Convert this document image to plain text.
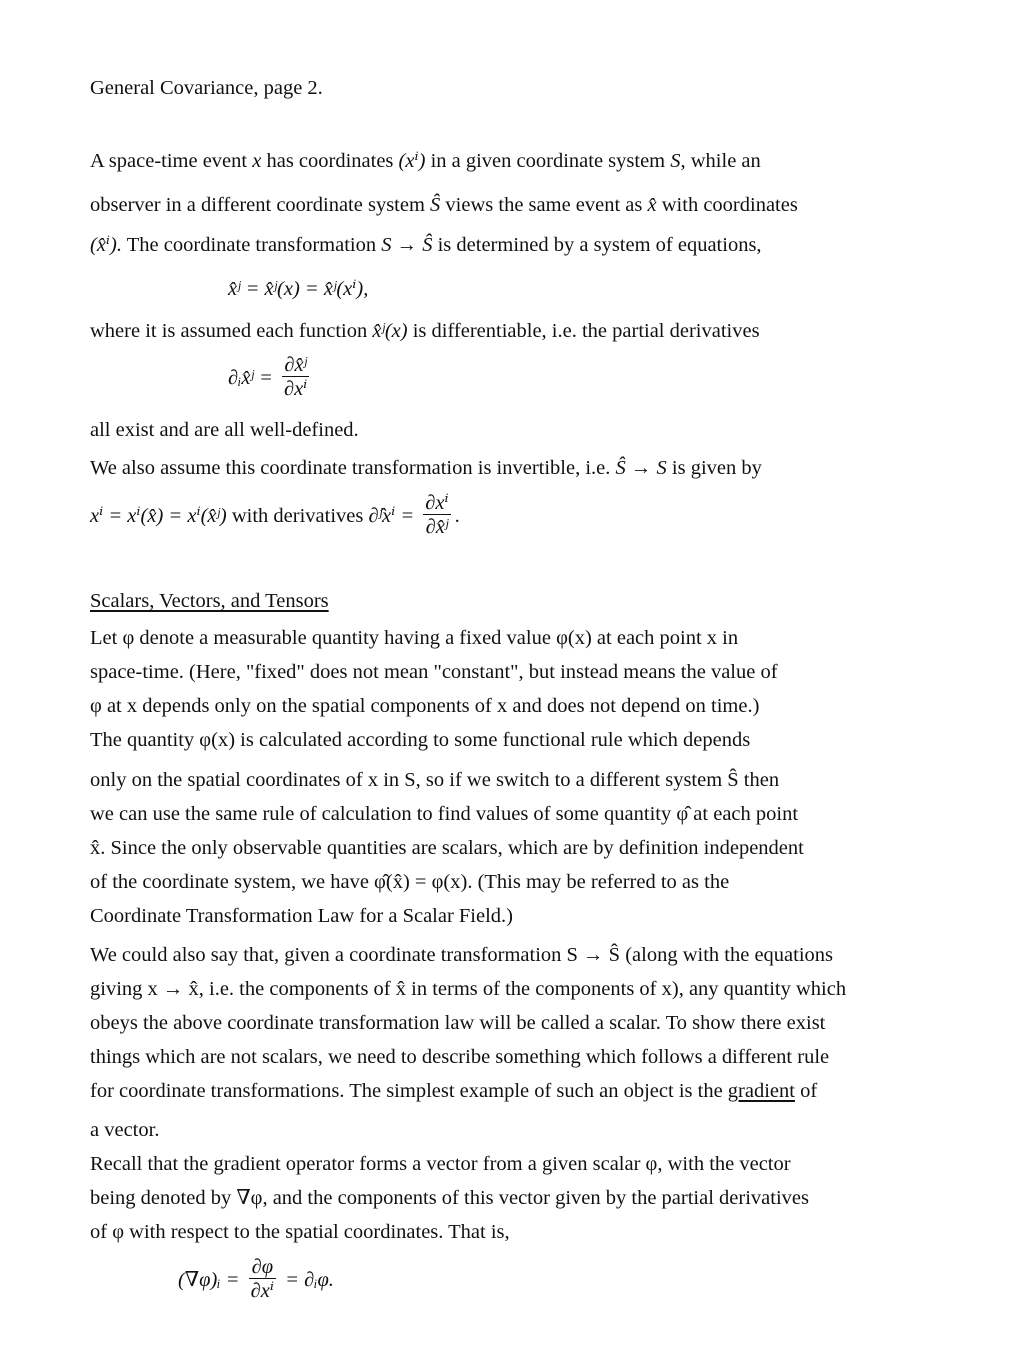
General Covariance, page 2.
A space-time event x has coordinates (xⁱ) in a given coordinate system S, while an
observer in a different coordinate system Ŝ views the same event as x̂ with coordinates
(x̂ⁱ). The coordinate transformation S → Ŝ is determined by a system of equations,
x̂ʲ = x̂ʲ(x) = x̂ʲ(xⁱ),
where it is assumed each function x̂ʲ(x) is differentiable, i.e. the partial derivatives
∂ᵢx̂ʲ = $\frac{\text{∂x̂ʲ}}{\text{∂xⁱ}}$
all exist and are all well-defined.
We also assume this coordinate transformation is invertible, i.e. Ŝ → S is given by
xⁱ = xⁱ(x̂) = xⁱ(x̂ʲ) with derivatives ∂̂ʲxⁱ = $\frac{\text{∂xⁱ}}{\text{∂x̂ʲ}}$ .
Scalars, Vectors, and Tensors
Let φ denote a measurable quantity having a fixed value φ(x) at each point x in
space-time. (Here, "fixed" does not mean "constant", but instead means the value of
φ at x depends only on the spatial components of x and does not depend on time.)
The quantity φ(x) is calculated according to some functional rule which depends
only on the spatial coordinates of x in S, so if we switch to a different system Ŝ then
we can use the same rule of calculation to find values of some quantity φ̂ at each point
x̂. Since the only observable quantities are scalars, which are by definition independent
of the coordinate system, we have φ̂(x̂) = φ(x). (This may be referred to as the
Coordinate Transformation Law for a Scalar Field.)
We could also say that, given a coordinate transformation S → Ŝ (along with the equations
giving x → x̂, i.e. the components of x̂ in terms of the components of x), any quantity which
obeys the above coordinate transformation law will be called a scalar. To show there exist
things which are not scalars, we need to describe something which follows a different rule
for coordinate transformations. The simplest example of such an object is the gradient of
a vector.
Recall that the gradient operator forms a vector from a given scalar φ, with the vector
being denoted by ∇φ, and the components of this vector given by the partial derivatives
of φ with respect to the spatial coordinates. That is,
(∇φ)ᵢ = $\frac{\partial\varphi}{\text{∂xⁱ}}$ = ∂ᵢφ.
